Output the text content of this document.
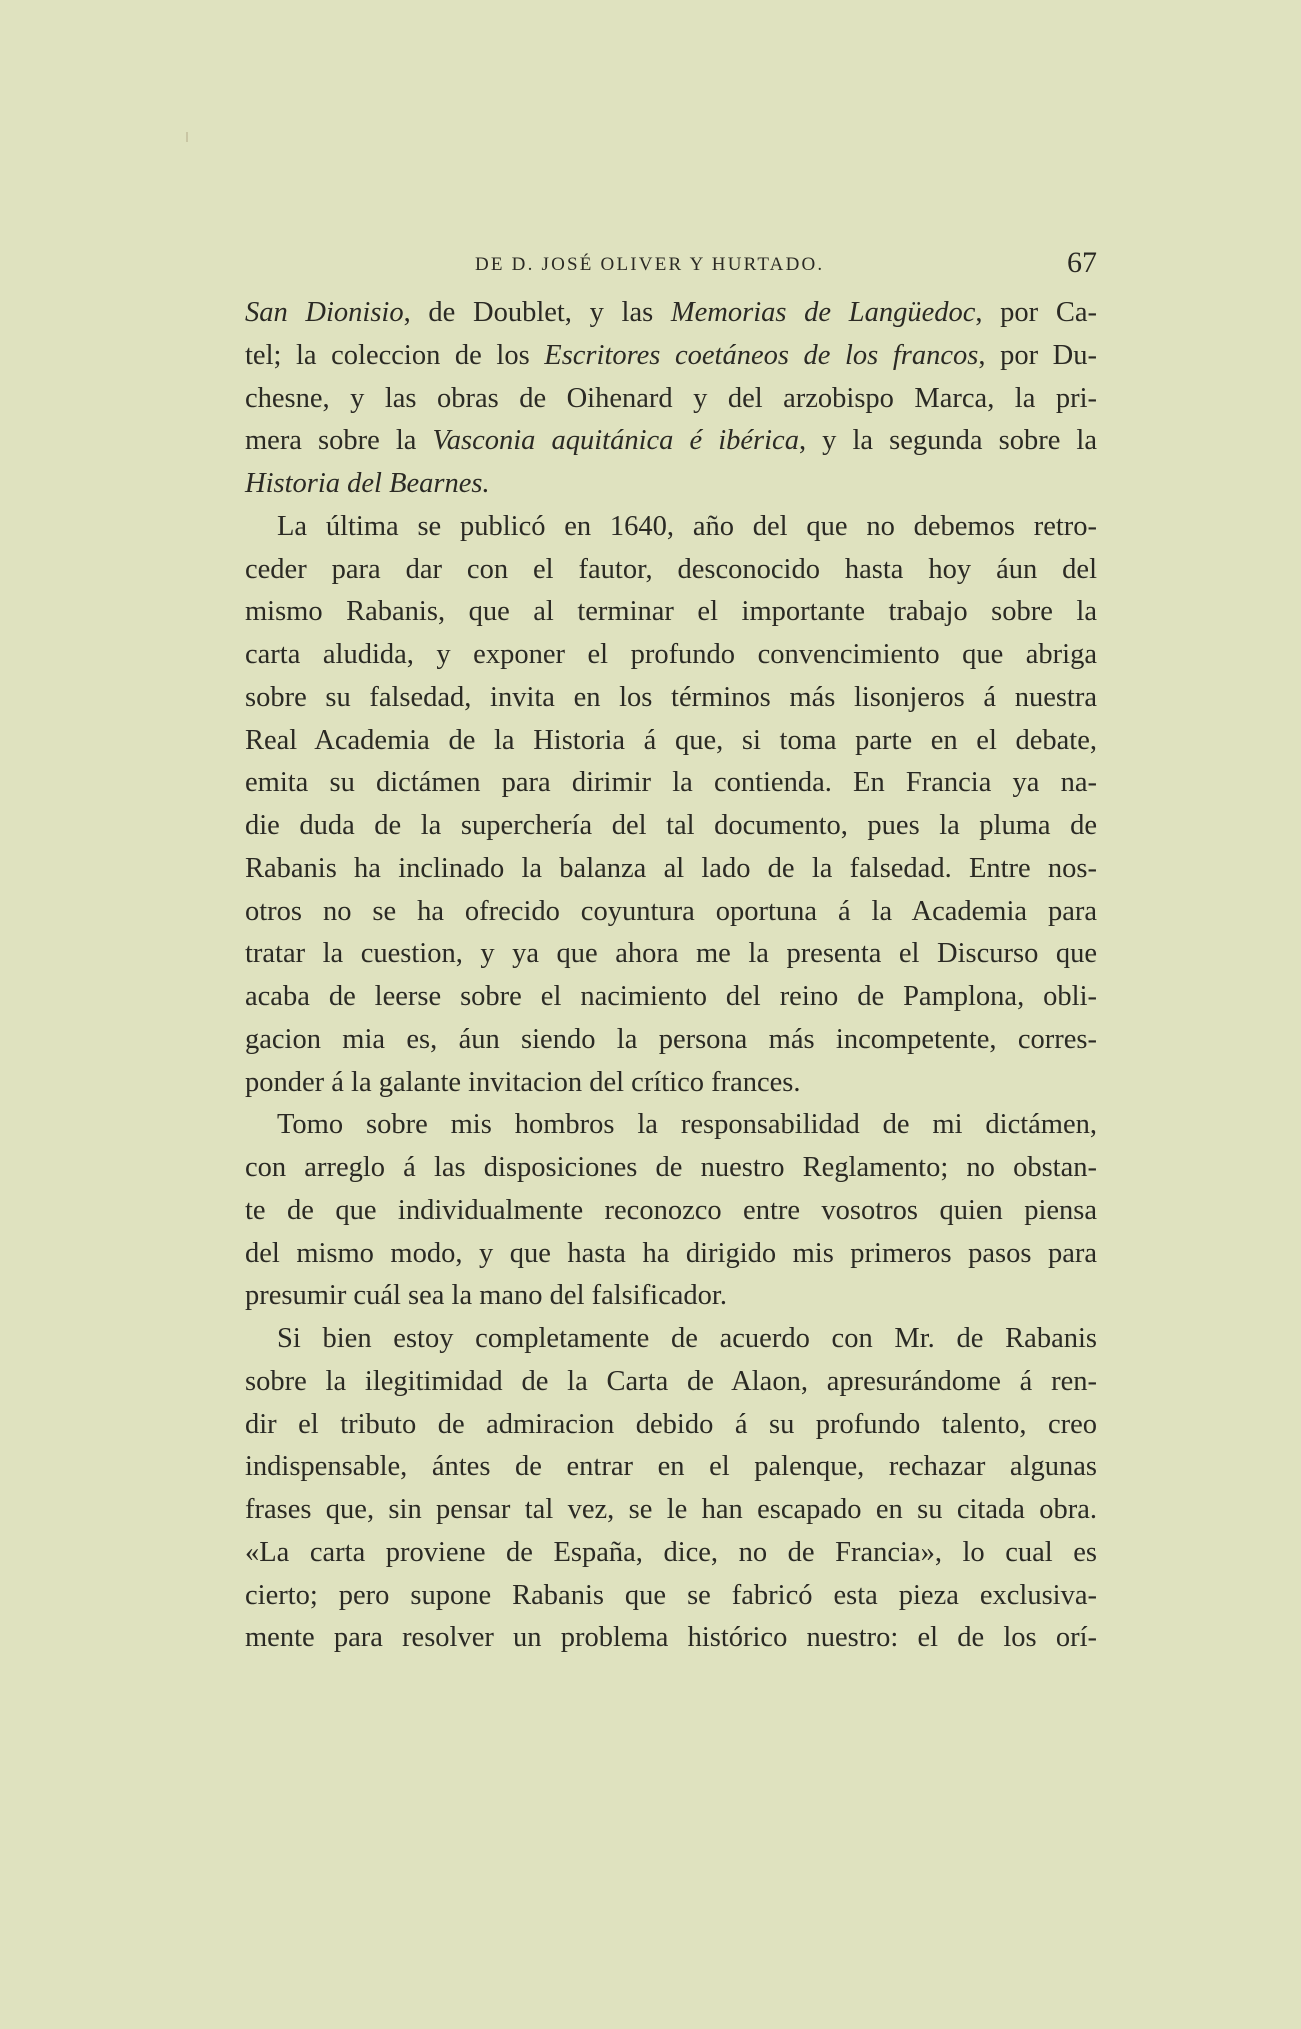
DE D. JOSÉ OLIVER Y HURTADO.	67
San Dionisio, de Doublet, y las Memorias de Langüedoc, por Ca-
tel; la coleccion de los Escritores coetáneos de los francos, por Du-
chesne, y las obras de Oihenard y del arzobispo Marca, la pri-
mera sobre la Vasconia aquitánica é ibérica, y la segunda sobre la
Historia del Bearnes.
La última se publicó en 1640, año del que no debemos retro-
ceder para dar con el fautor, desconocido hasta hoy áun del
mismo Rabanis, que al terminar el importante trabajo sobre la
carta aludida, y exponer el profundo convencimiento que abriga
sobre su falsedad, invita en los términos más lisonjeros á nuestra
Real Academia de la Historia á que, si toma parte en el debate,
emita su dictámen para dirimir la contienda. En Francia ya na-
die duda de la superchería del tal documento, pues la pluma de
Rabanis ha inclinado la balanza al lado de la falsedad. Entre nos-
otros no se ha ofrecido coyuntura oportuna á la Academia para
tratar la cuestion, y ya que ahora me la presenta el Discurso que
acaba de leerse sobre el nacimiento del reino de Pamplona, obli-
gacion mia es, áun siendo la persona más incompetente, corres-
ponder á la galante invitacion del crítico frances.
Tomo sobre mis hombros la responsabilidad de mi dictámen,
con arreglo á las disposiciones de nuestro Reglamento; no obstan-
te de que individualmente reconozco entre vosotros quien piensa
del mismo modo, y que hasta ha dirigido mis primeros pasos para
presumir cuál sea la mano del falsificador.
Si bien estoy completamente de acuerdo con Mr. de Rabanis
sobre la ilegitimidad de la Carta de Alaon, apresurándome á ren-
dir el tributo de admiracion debido á su profundo talento, creo
indispensable, ántes de entrar en el palenque, rechazar algunas
frases que, sin pensar tal vez, se le han escapado en su citada obra.
«La carta proviene de España, dice, no de Francia», lo cual es
cierto; pero supone Rabanis que se fabricó esta pieza exclusiva-
mente para resolver un problema histórico nuestro: el de los orí-
